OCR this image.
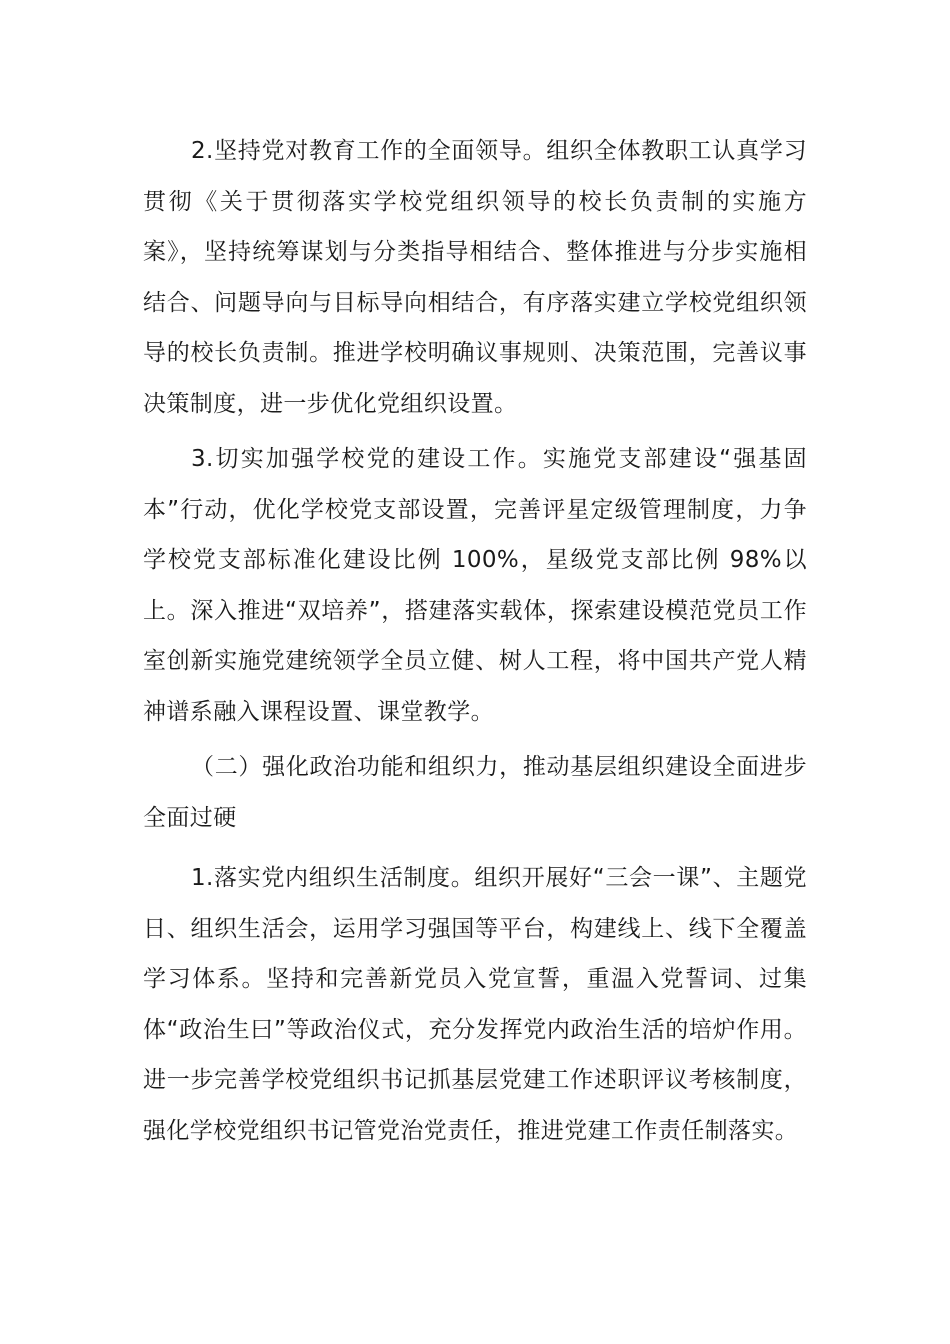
2.坚持党对教育工作的全面领导。组织全体教职工认真学习贯彻《关于贯彻落实学校党组织领导的校长负责制的实施方案》，坚持统筹谋划与分类指导相结合、整体推进与分步实施相结合、问题导向与目标导向相结合，有序落实建立学校党组织领导的校长负责制。推进学校明确议事规则、决策范围，完善议事决策制度，进一步优化党组织设置。

3.切实加强学校党的建设工作。实施党支部建设“强基固本”行动，优化学校党支部设置，完善评星定级管理制度，力争学校党支部标准化建设比例 100%，星级党支部比例 98%以上。深入推进“双培养”，搭建落实载体，探索建设模范党员工作室创新实施党建统领学全员立健、树人工程，将中国共产党人精神谱系融入课程设置、课堂教学。

（二）强化政治功能和组织力，推动基层组织建设全面进步全面过硬

1.落实党内组织生活制度。组织开展好“三会一课”、主题党日、组织生活会，运用学习强国等平台，构建线上、线下全覆盖学习体系。坚持和完善新党员入党宣誓，重温入党誓词、过集体“政治生曰”等政治仪式，充分发挥党内政治生活的培炉作用。进一步完善学校党组织书记抓基层党建工作述职评议考核制度，强化学校党组织书记管党治党责任，推进党建工作责任制落实。
